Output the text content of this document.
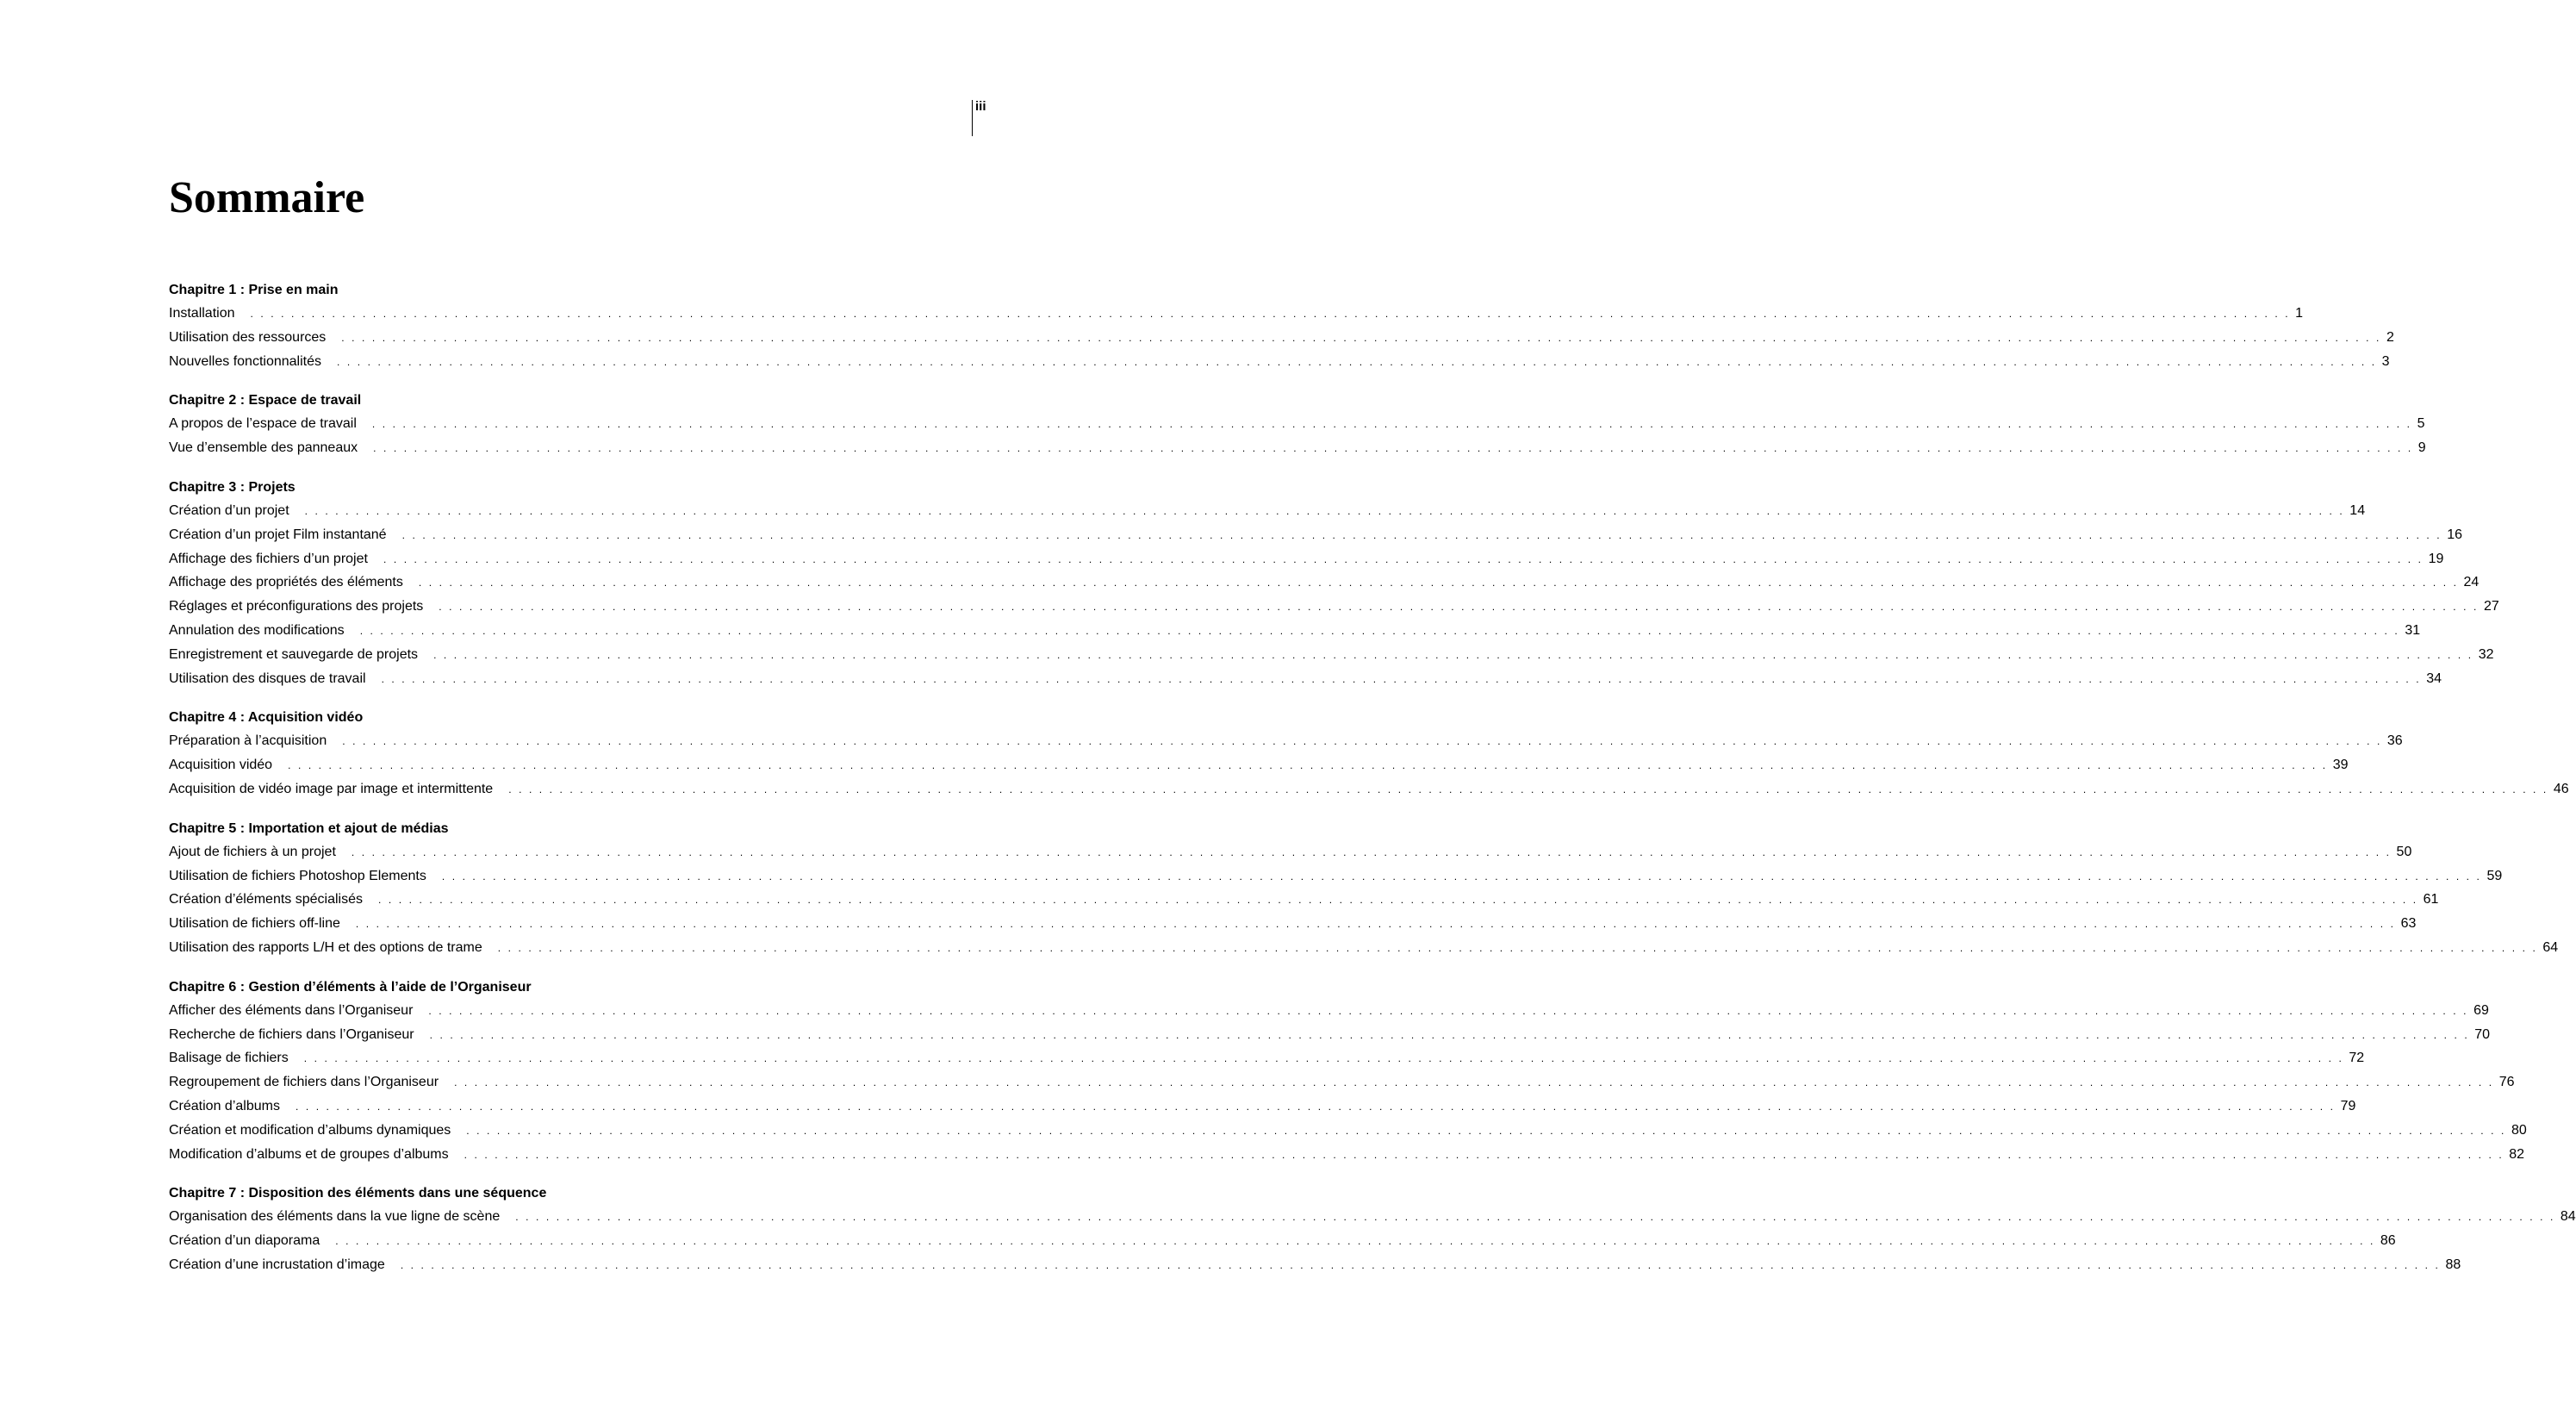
iii
Sommaire
Chapitre 1 : Prise en main
Installation	. . . . . . . . . . . . . . . . . . . . . . . . . . . . . . . . . . . . . . . . . . . . . . . . . . . . . . . . . . . . . . . . . . . . . . . . . . . . . . . . . . . . . . . . . . . . . . . . . . . . . . . . . . . . . . . . . . . . . . . . . . . . . . . . . . . . . . . . . . . . . . . . . . . . . . . . . . . . . . . . . . . . . . . . . . . . . . . . . . . . . . . . . . . . . . . . . . . . . . . . 1
Utilisation des ressources	. . . . . . . . . . . . . . . . . . . . . . . . . . . . . . . . . . . . . . . . . . . . . . . . . . . . . . . . . . . . . . . . . . . . . . . . . . . . . . . . . . . . . . . . . . . . . . . . . . . . . . . . . . . . . . . . . . . . . . . . . . . . . . . . . . . . . . . . . . . . . . . . . . . . . . . . . . . . . . . . . . . . . . . . . . . . . . . . . . . . . . . . . . . . . . . . . . . . . . . . 2
Nouvelles fonctionnalités	. . . . . . . . . . . . . . . . . . . . . . . . . . . . . . . . . . . . . . . . . . . . . . . . . . . . . . . . . . . . . . . . . . . . . . . . . . . . . . . . . . . . . . . . . . . . . . . . . . . . . . . . . . . . . . . . . . . . . . . . . . . . . . . . . . . . . . . . . . . . . . . . . . . . . . . . . . . . . . . . . . . . . . . . . . . . . . . . . . . . . . . . . . . . . . . . . . . . . . . . 3
Chapitre 2 : Espace de travail
A propos de l’espace de travail	. . . . . . . . . . . . . . . . . . . . . . . . . . . . . . . . . . . . . . . . . . . . . . . . . . . . . . . . . . . . . . . . . . . . . . . . . . . . . . . . . . . . . . . . . . . . . . . . . . . . . . . . . . . . . . . . . . . . . . . . . . . . . . . . . . . . . . . . . . . . . . . . . . . . . . . . . . . . . . . . . . . . . . . . . . . . . . . . . . . . . . . . . . . . . . . . . . . . . . . . 5
Vue d’ensemble des panneaux	. . . . . . . . . . . . . . . . . . . . . . . . . . . . . . . . . . . . . . . . . . . . . . . . . . . . . . . . . . . . . . . . . . . . . . . . . . . . . . . . . . . . . . . . . . . . . . . . . . . . . . . . . . . . . . . . . . . . . . . . . . . . . . . . . . . . . . . . . . . . . . . . . . . . . . . . . . . . . . . . . . . . . . . . . . . . . . . . . . . . . . . . . . . . . . . . . . . . . . . . 9
Chapitre 3 : Projets
Création d’un projet	. . . . . . . . . . . . . . . . . . . . . . . . . . . . . . . . . . . . . . . . . . . . . . . . . . . . . . . . . . . . . . . . . . . . . . . . . . . . . . . . . . . . . . . . . . . . . . . . . . . . . . . . . . . . . . . . . . . . . . . . . . . . . . . . . . . . . . . . . . . . . . . . . . . . . . . . . . . . . . . . . . . . . . . . . . . . . . . . . . . . . . . . . . . . . . . . . . . . . . . . 14
Création d’un projet Film instantané	. . . . . . . . . . . . . . . . . . . . . . . . . . . . . . . . . . . . . . . . . . . . . . . . . . . . . . . . . . . . . . . . . . . . . . . . . . . . . . . . . . . . . . . . . . . . . . . . . . . . . . . . . . . . . . . . . . . . . . . . . . . . . . . . . . . . . . . . . . . . . . . . . . . . . . . . . . . . . . . . . . . . . . . . . . . . . . . . . . . . . . . . . . . . . . . . . . . . . . . . 16
Affichage des fichiers d’un projet	. . . . . . . . . . . . . . . . . . . . . . . . . . . . . . . . . . . . . . . . . . . . . . . . . . . . . . . . . . . . . . . . . . . . . . . . . . . . . . . . . . . . . . . . . . . . . . . . . . . . . . . . . . . . . . . . . . . . . . . . . . . . . . . . . . . . . . . . . . . . . . . . . . . . . . . . . . . . . . . . . . . . . . . . . . . . . . . . . . . . . . . . . . . . . . . . . . . . . . . . 19
Affichage des propriétés des éléments	. . . . . . . . . . . . . . . . . . . . . . . . . . . . . . . . . . . . . . . . . . . . . . . . . . . . . . . . . . . . . . . . . . . . . . . . . . . . . . . . . . . . . . . . . . . . . . . . . . . . . . . . . . . . . . . . . . . . . . . . . . . . . . . . . . . . . . . . . . . . . . . . . . . . . . . . . . . . . . . . . . . . . . . . . . . . . . . . . . . . . . . . . . . . . . . . . . . . . . . . 24
Réglages et préconfigurations des projets	. . . . . . . . . . . . . . . . . . . . . . . . . . . . . . . . . . . . . . . . . . . . . . . . . . . . . . . . . . . . . . . . . . . . . . . . . . . . . . . . . . . . . . . . . . . . . . . . . . . . . . . . . . . . . . . . . . . . . . . . . . . . . . . . . . . . . . . . . . . . . . . . . . . . . . . . . . . . . . . . . . . . . . . . . . . . . . . . . . . . . . . . . . . . . . . . . . . . . . . . 27
Annulation des modifications	. . . . . . . . . . . . . . . . . . . . . . . . . . . . . . . . . . . . . . . . . . . . . . . . . . . . . . . . . . . . . . . . . . . . . . . . . . . . . . . . . . . . . . . . . . . . . . . . . . . . . . . . . . . . . . . . . . . . . . . . . . . . . . . . . . . . . . . . . . . . . . . . . . . . . . . . . . . . . . . . . . . . . . . . . . . . . . . . . . . . . . . . . . . . . . . . . . . . . . . . 31
Enregistrement et sauvegarde de projets	. . . . . . . . . . . . . . . . . . . . . . . . . . . . . . . . . . . . . . . . . . . . . . . . . . . . . . . . . . . . . . . . . . . . . . . . . . . . . . . . . . . . . . . . . . . . . . . . . . . . . . . . . . . . . . . . . . . . . . . . . . . . . . . . . . . . . . . . . . . . . . . . . . . . . . . . . . . . . . . . . . . . . . . . . . . . . . . . . . . . . . . . . . . . . . . . . . . . . . . . 32
Utilisation des disques de travail	. . . . . . . . . . . . . . . . . . . . . . . . . . . . . . . . . . . . . . . . . . . . . . . . . . . . . . . . . . . . . . . . . . . . . . . . . . . . . . . . . . . . . . . . . . . . . . . . . . . . . . . . . . . . . . . . . . . . . . . . . . . . . . . . . . . . . . . . . . . . . . . . . . . . . . . . . . . . . . . . . . . . . . . . . . . . . . . . . . . . . . . . . . . . . . . . . . . . . . . . 34
Chapitre 4 : Acquisition vidéo
Préparation à l’acquisition	. . . . . . . . . . . . . . . . . . . . . . . . . . . . . . . . . . . . . . . . . . . . . . . . . . . . . . . . . . . . . . . . . . . . . . . . . . . . . . . . . . . . . . . . . . . . . . . . . . . . . . . . . . . . . . . . . . . . . . . . . . . . . . . . . . . . . . . . . . . . . . . . . . . . . . . . . . . . . . . . . . . . . . . . . . . . . . . . . . . . . . . . . . . . . . . . . . . . . . . . 36
Acquisition vidéo	. . . . . . . . . . . . . . . . . . . . . . . . . . . . . . . . . . . . . . . . . . . . . . . . . . . . . . . . . . . . . . . . . . . . . . . . . . . . . . . . . . . . . . . . . . . . . . . . . . . . . . . . . . . . . . . . . . . . . . . . . . . . . . . . . . . . . . . . . . . . . . . . . . . . . . . . . . . . . . . . . . . . . . . . . . . . . . . . . . . . . . . . . . . . . . . . . . . . . . . . 39
Acquisition de vidéo image par image et intermittente	. . . . . . . . . . . . . . . . . . . . . . . . . . . . . . . . . . . . . . . . . . . . . . . . . . . . . . . . . . . . . . . . . . . . . . . . . . . . . . . . . . . . . . . . . . . . . . . . . . . . . . . . . . . . . . . . . . . . . . . . . . . . . . . . . . . . . . . . . . . . . . . . . . . . . . . . . . . . . . . . . . . . . . . . . . . . . . . . . . . . . . . . . . . . . . . . . . . . . . . . 46
Chapitre 5 : Importation et ajout de médias
Ajout de fichiers à un projet	. . . . . . . . . . . . . . . . . . . . . . . . . . . . . . . . . . . . . . . . . . . . . . . . . . . . . . . . . . . . . . . . . . . . . . . . . . . . . . . . . . . . . . . . . . . . . . . . . . . . . . . . . . . . . . . . . . . . . . . . . . . . . . . . . . . . . . . . . . . . . . . . . . . . . . . . . . . . . . . . . . . . . . . . . . . . . . . . . . . . . . . . . . . . . . . . . . . . . . . . 50
Utilisation de fichiers Photoshop Elements	. . . . . . . . . . . . . . . . . . . . . . . . . . . . . . . . . . . . . . . . . . . . . . . . . . . . . . . . . . . . . . . . . . . . . . . . . . . . . . . . . . . . . . . . . . . . . . . . . . . . . . . . . . . . . . . . . . . . . . . . . . . . . . . . . . . . . . . . . . . . . . . . . . . . . . . . . . . . . . . . . . . . . . . . . . . . . . . . . . . . . . . . . . . . . . . . . . . . . . . . 59
Création d’éléments spécialisés	. . . . . . . . . . . . . . . . . . . . . . . . . . . . . . . . . . . . . . . . . . . . . . . . . . . . . . . . . . . . . . . . . . . . . . . . . . . . . . . . . . . . . . . . . . . . . . . . . . . . . . . . . . . . . . . . . . . . . . . . . . . . . . . . . . . . . . . . . . . . . . . . . . . . . . . . . . . . . . . . . . . . . . . . . . . . . . . . . . . . . . . . . . . . . . . . . . . . . . . . 61
Utilisation de fichiers off-line	. . . . . . . . . . . . . . . . . . . . . . . . . . . . . . . . . . . . . . . . . . . . . . . . . . . . . . . . . . . . . . . . . . . . . . . . . . . . . . . . . . . . . . . . . . . . . . . . . . . . . . . . . . . . . . . . . . . . . . . . . . . . . . . . . . . . . . . . . . . . . . . . . . . . . . . . . . . . . . . . . . . . . . . . . . . . . . . . . . . . . . . . . . . . . . . . . . . . . . . . 63
Utilisation des rapports L/H et des options de trame	. . . . . . . . . . . . . . . . . . . . . . . . . . . . . . . . . . . . . . . . . . . . . . . . . . . . . . . . . . . . . . . . . . . . . . . . . . . . . . . . . . . . . . . . . . . . . . . . . . . . . . . . . . . . . . . . . . . . . . . . . . . . . . . . . . . . . . . . . . . . . . . . . . . . . . . . . . . . . . . . . . . . . . . . . . . . . . . . . . . . . . . . . . . . . . . . . . . . . . . . 64
Chapitre 6 : Gestion d’éléments à l’aide de l’Organiseur
Afficher des éléments dans l’Organiseur	. . . . . . . . . . . . . . . . . . . . . . . . . . . . . . . . . . . . . . . . . . . . . . . . . . . . . . . . . . . . . . . . . . . . . . . . . . . . . . . . . . . . . . . . . . . . . . . . . . . . . . . . . . . . . . . . . . . . . . . . . . . . . . . . . . . . . . . . . . . . . . . . . . . . . . . . . . . . . . . . . . . . . . . . . . . . . . . . . . . . . . . . . . . . . . . . . . . . . . . . 69
Recherche de fichiers dans l’Organiseur	. . . . . . . . . . . . . . . . . . . . . . . . . . . . . . . . . . . . . . . . . . . . . . . . . . . . . . . . . . . . . . . . . . . . . . . . . . . . . . . . . . . . . . . . . . . . . . . . . . . . . . . . . . . . . . . . . . . . . . . . . . . . . . . . . . . . . . . . . . . . . . . . . . . . . . . . . . . . . . . . . . . . . . . . . . . . . . . . . . . . . . . . . . . . . . . . . . . . . . . . 70
Balisage de fichiers	. . . . . . . . . . . . . . . . . . . . . . . . . . . . . . . . . . . . . . . . . . . . . . . . . . . . . . . . . . . . . . . . . . . . . . . . . . . . . . . . . . . . . . . . . . . . . . . . . . . . . . . . . . . . . . . . . . . . . . . . . . . . . . . . . . . . . . . . . . . . . . . . . . . . . . . . . . . . . . . . . . . . . . . . . . . . . . . . . . . . . . . . . . . . . . . . . . . . . . . . 72
Regroupement de fichiers dans l’Organiseur	. . . . . . . . . . . . . . . . . . . . . . . . . . . . . . . . . . . . . . . . . . . . . . . . . . . . . . . . . . . . . . . . . . . . . . . . . . . . . . . . . . . . . . . . . . . . . . . . . . . . . . . . . . . . . . . . . . . . . . . . . . . . . . . . . . . . . . . . . . . . . . . . . . . . . . . . . . . . . . . . . . . . . . . . . . . . . . . . . . . . . . . . . . . . . . . . . . . . . . . . 76
Création d’albums	. . . . . . . . . . . . . . . . . . . . . . . . . . . . . . . . . . . . . . . . . . . . . . . . . . . . . . . . . . . . . . . . . . . . . . . . . . . . . . . . . . . . . . . . . . . . . . . . . . . . . . . . . . . . . . . . . . . . . . . . . . . . . . . . . . . . . . . . . . . . . . . . . . . . . . . . . . . . . . . . . . . . . . . . . . . . . . . . . . . . . . . . . . . . . . . . . . . . . . . . 79
Création et modification d’albums dynamiques	. . . . . . . . . . . . . . . . . . . . . . . . . . . . . . . . . . . . . . . . . . . . . . . . . . . . . . . . . . . . . . . . . . . . . . . . . . . . . . . . . . . . . . . . . . . . . . . . . . . . . . . . . . . . . . . . . . . . . . . . . . . . . . . . . . . . . . . . . . . . . . . . . . . . . . . . . . . . . . . . . . . . . . . . . . . . . . . . . . . . . . . . . . . . . . . . . . . . . . . . 80
Modification d’albums et de groupes d’albums	. . . . . . . . . . . . . . . . . . . . . . . . . . . . . . . . . . . . . . . . . . . . . . . . . . . . . . . . . . . . . . . . . . . . . . . . . . . . . . . . . . . . . . . . . . . . . . . . . . . . . . . . . . . . . . . . . . . . . . . . . . . . . . . . . . . . . . . . . . . . . . . . . . . . . . . . . . . . . . . . . . . . . . . . . . . . . . . . . . . . . . . . . . . . . . . . . . . . . . . . 82
Chapitre 7 : Disposition des éléments dans une séquence
Organisation des éléments dans la vue ligne de scène	. . . . . . . . . . . . . . . . . . . . . . . . . . . . . . . . . . . . . . . . . . . . . . . . . . . . . . . . . . . . . . . . . . . . . . . . . . . . . . . . . . . . . . . . . . . . . . . . . . . . . . . . . . . . . . . . . . . . . . . . . . . . . . . . . . . . . . . . . . . . . . . . . . . . . . . . . . . . . . . . . . . . . . . . . . . . . . . . . . . . . . . . . . . . . . . . . . . . . . . . 84
Création d’un diaporama	. . . . . . . . . . . . . . . . . . . . . . . . . . . . . . . . . . . . . . . . . . . . . . . . . . . . . . . . . . . . . . . . . . . . . . . . . . . . . . . . . . . . . . . . . . . . . . . . . . . . . . . . . . . . . . . . . . . . . . . . . . . . . . . . . . . . . . . . . . . . . . . . . . . . . . . . . . . . . . . . . . . . . . . . . . . . . . . . . . . . . . . . . . . . . . . . . . . . . . . . 86
Création d’une incrustation d’image	. . . . . . . . . . . . . . . . . . . . . . . . . . . . . . . . . . . . . . . . . . . . . . . . . . . . . . . . . . . . . . . . . . . . . . . . . . . . . . . . . . . . . . . . . . . . . . . . . . . . . . . . . . . . . . . . . . . . . . . . . . . . . . . . . . . . . . . . . . . . . . . . . . . . . . . . . . . . . . . . . . . . . . . . . . . . . . . . . . . . . . . . . . . . . . . . . . . . . . . . 88
